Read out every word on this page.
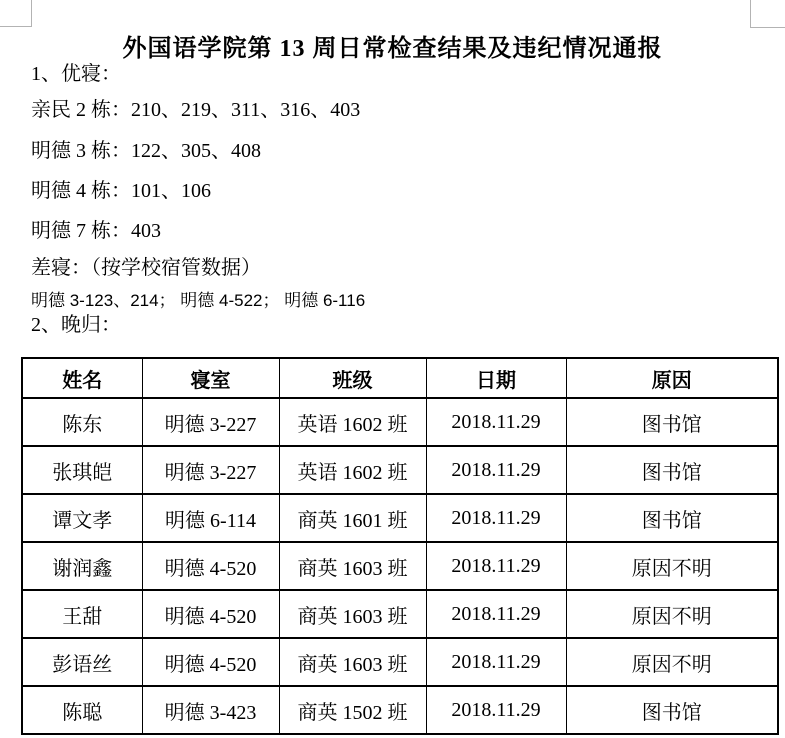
外国语学院第 13 周日常检查结果及违纪情况通报
1、优寝：
亲民 2 栋：210、219、311、316、403
明德 3 栋：122、305、408
明德 4 栋：101、106
明德 7 栋：403
差寝：（按学校宿管数据）
明德 3-123、214； 明德 4-522； 明德 6-116
2、晚归：
姓名	寝室	班级	日期	原因
陈东	明德 3-227	英语 1602 班	2018.11.29	图书馆
张琪皑	明德 3-227	英语 1602 班	2018.11.29	图书馆
谭文孝	明德 6-114	商英 1601 班	2018.11.29	图书馆
谢润鑫	明德 4-520	商英 1603 班	2018.11.29	原因不明
王甜	明德 4-520	商英 1603 班	2018.11.29	原因不明
彭语丝	明德 4-520	商英 1603 班	2018.11.29	原因不明
陈聪	明德 3-423	商英 1502 班	2018.11.29	图书馆
